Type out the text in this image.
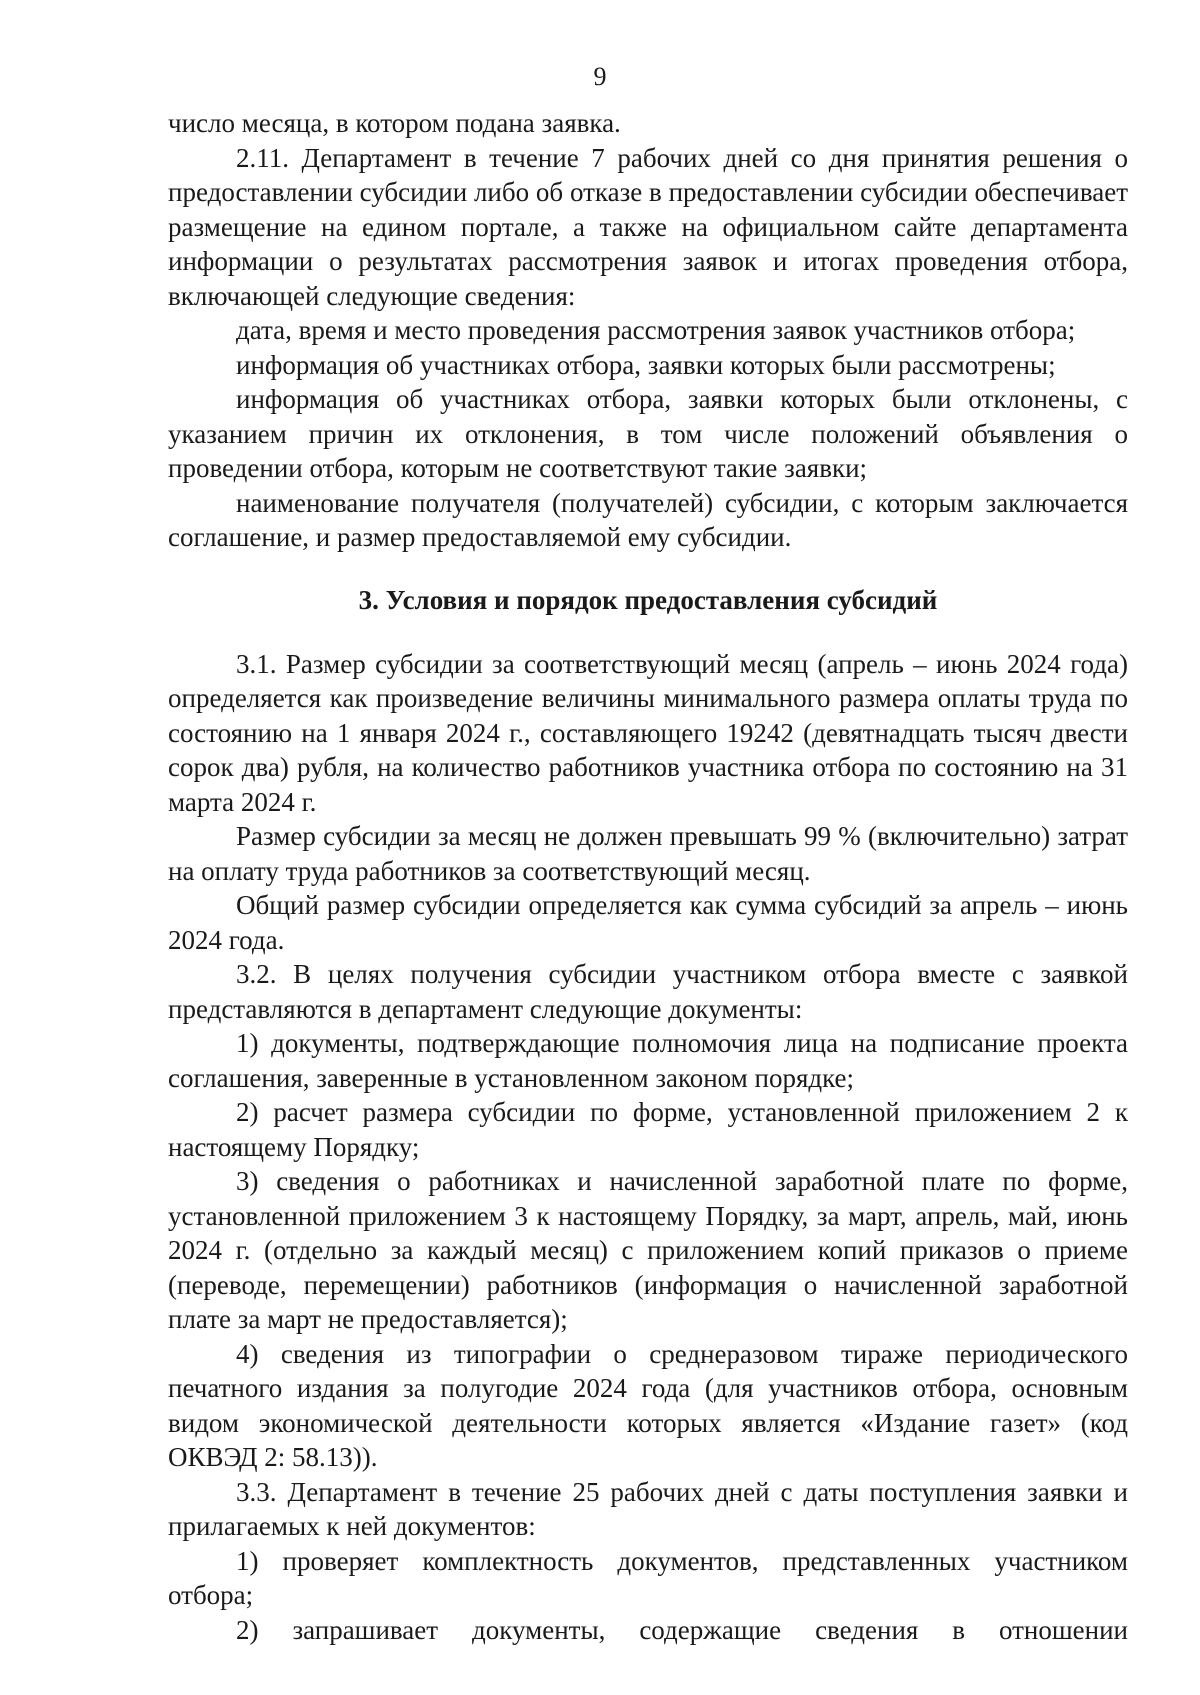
9

число месяца, в котором подана заявка.

2.11. Департамент в течение 7 рабочих дней со дня принятия решения о предоставлении субсидии либо об отказе в предоставлении субсидии обеспечивает размещение на едином портале, а также на официальном сайте департамента информации о результатах рассмотрения заявок и итогах проведения отбора, включающей следующие сведения:

дата, время и место проведения рассмотрения заявок участников отбора;

информация об участниках отбора, заявки которых были рассмотрены;

информация об участниках отбора, заявки которых были отклонены, с указанием причин их отклонения, в том числе положений объявления о проведении отбора, которым не соответствуют такие заявки;

наименование получателя (получателей) субсидии, с которым заключается соглашение, и размер предоставляемой ему субсидии.

3. Условия и порядок предоставления субсидий

3.1. Размер субсидии за соответствующий месяц (апрель – июнь 2024 года) определяется как произведение величины минимального размера оплаты труда по состоянию на 1 января 2024 г., составляющего 19242 (девятнадцать тысяч двести сорок два) рубля, на количество работников участника отбора по состоянию на 31 марта 2024 г.

Размер субсидии за месяц не должен превышать 99 % (включительно) затрат на оплату труда работников за соответствующий месяц.

Общий размер субсидии определяется как сумма субсидий за апрель – июнь 2024 года.

3.2. В целях получения субсидии участником отбора вместе с заявкой представляются в департамент следующие документы:

1) документы, подтверждающие полномочия лица на подписание проекта соглашения, заверенные в установленном законом порядке;

2) расчет размера субсидии по форме, установленной приложением 2 к настоящему Порядку;

3) сведения о работниках и начисленной заработной плате по форме, установленной приложением 3 к настоящему Порядку, за март, апрель, май, июнь 2024 г. (отдельно за каждый месяц) с приложением копий приказов о приеме (переводе, перемещении) работников (информация о начисленной заработной плате за март не предоставляется);

4) сведения из типографии о среднеразовом тираже периодического печатного издания за полугодие 2024 года (для участников отбора, основным видом экономической деятельности которых является «Издание газет» (код ОКВЭД 2: 58.13)).

3.3. Департамент в течение 25 рабочих дней с даты поступления заявки и прилагаемых к ней документов:

1) проверяет комплектность документов, представленных участником отбора;

2) запрашивает документы, содержащие сведения в отношении
